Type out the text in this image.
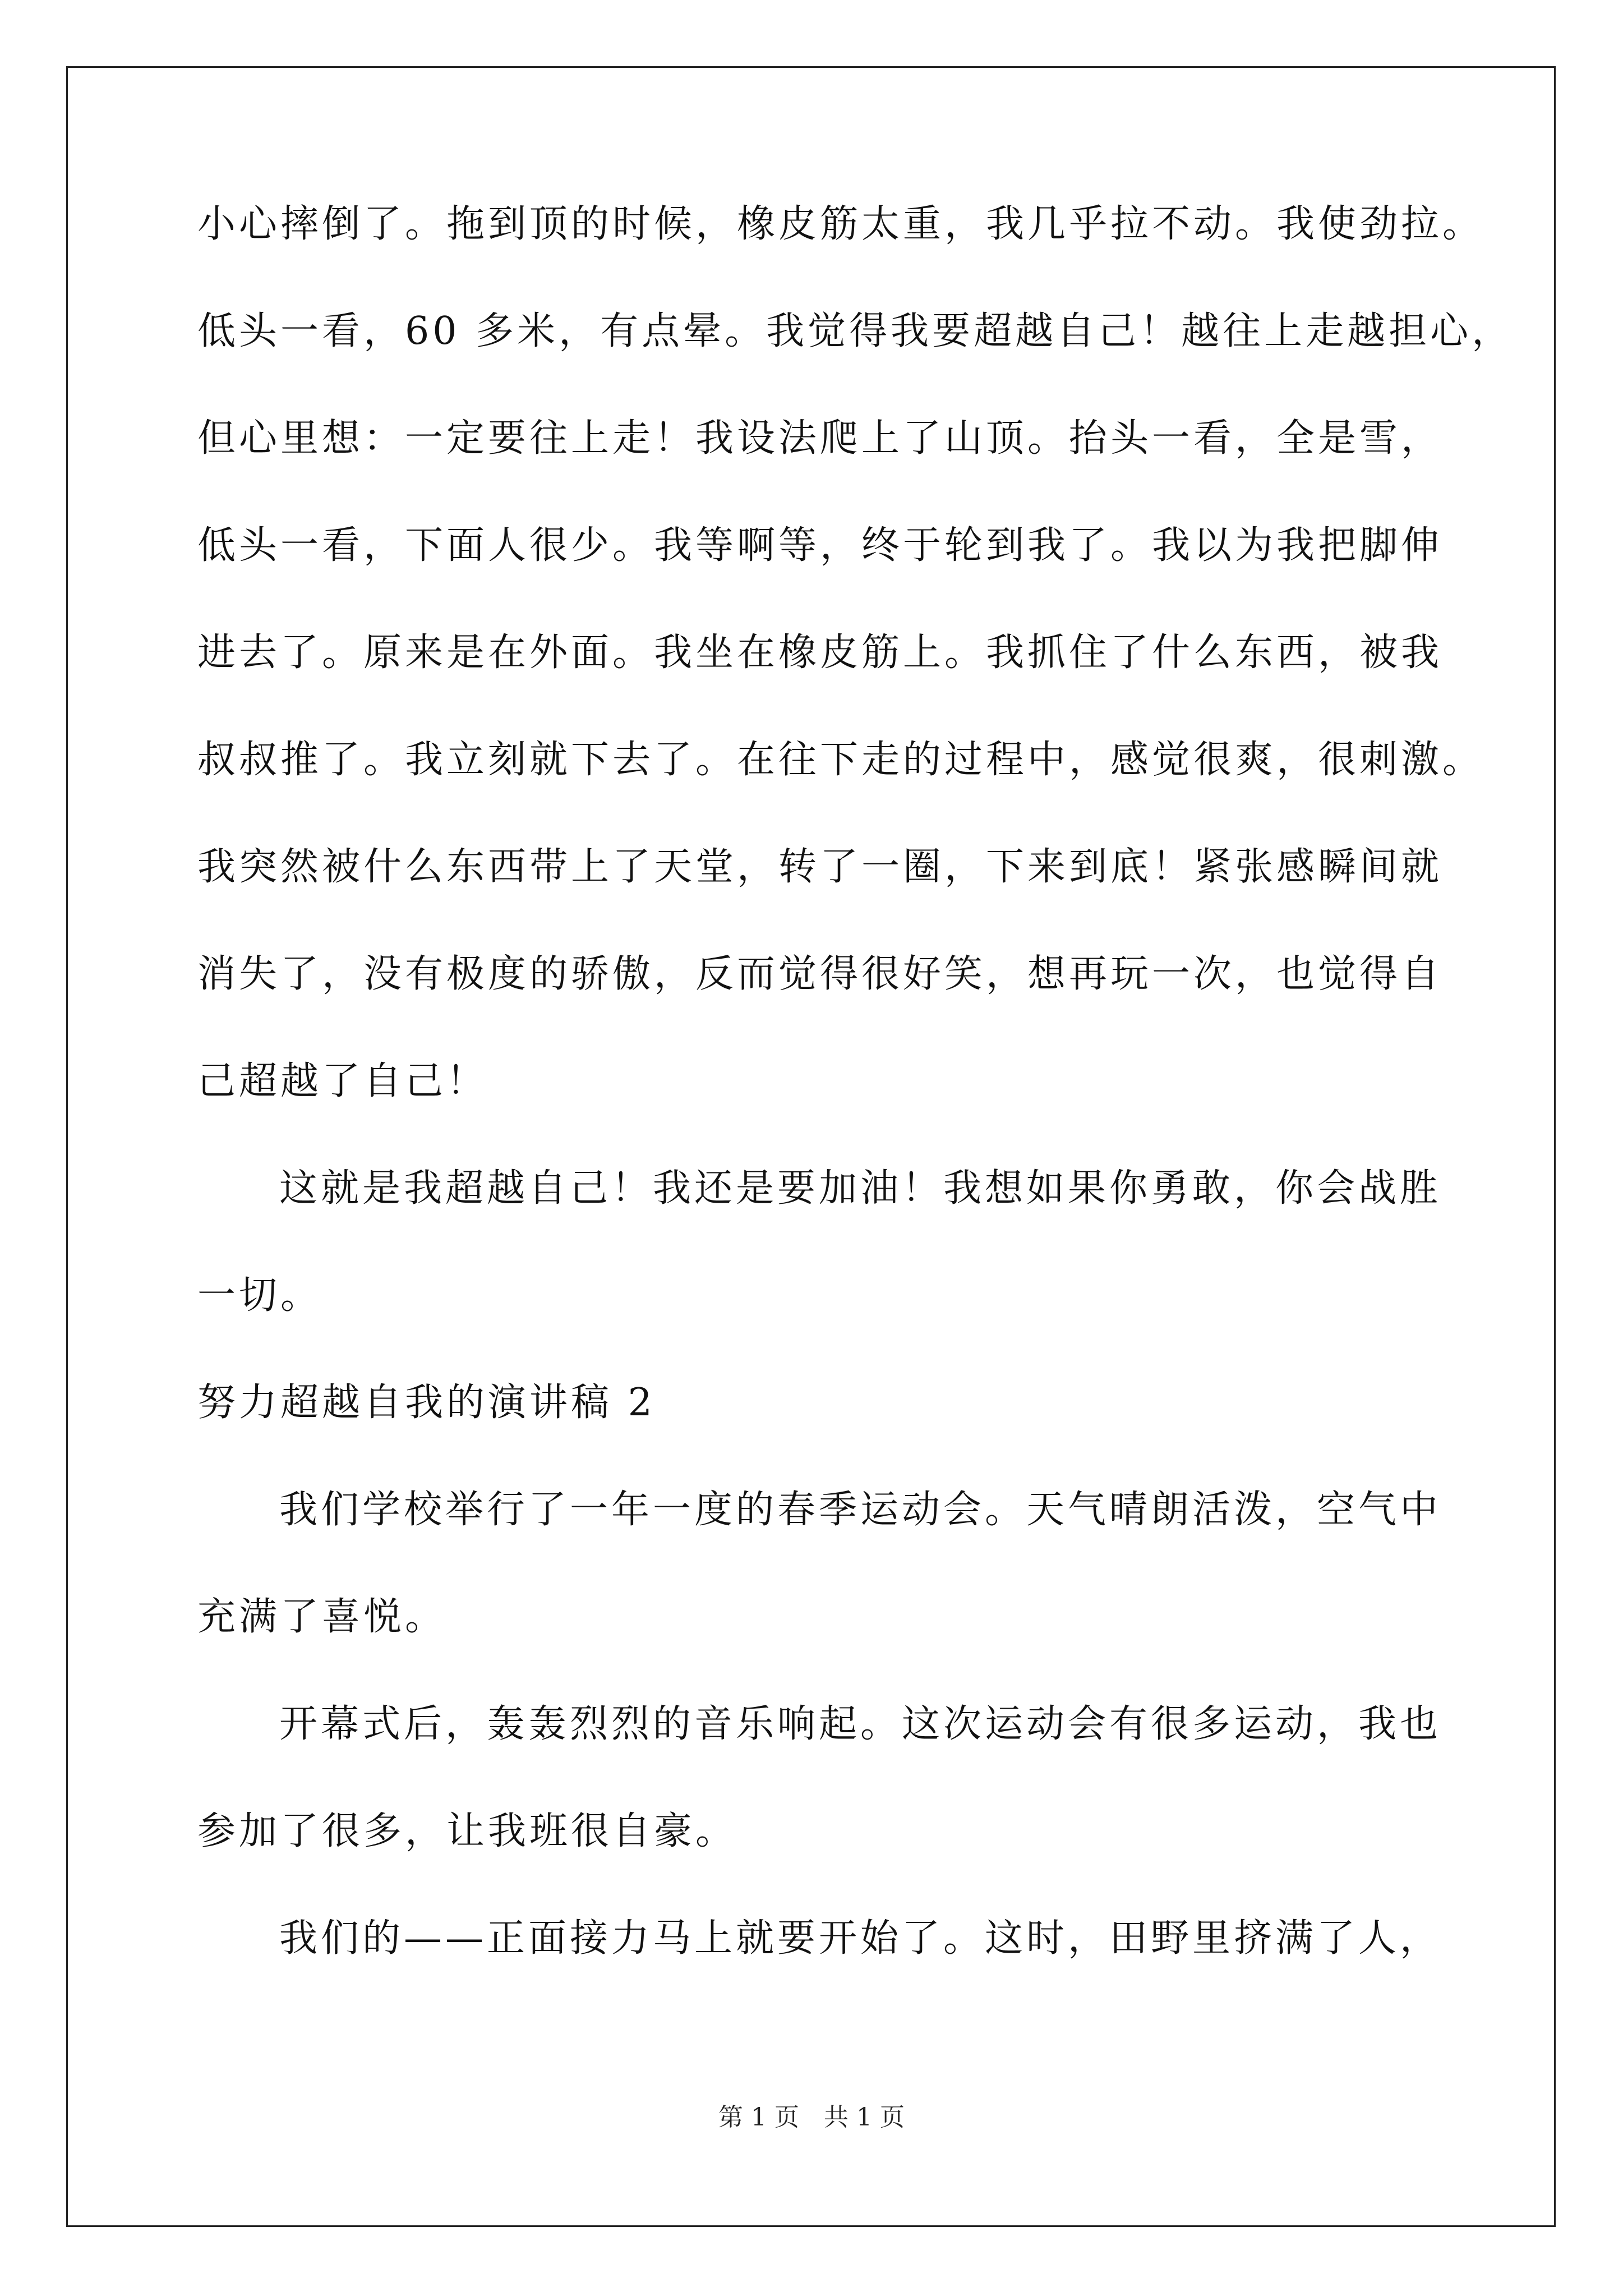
小心摔倒了。拖到顶的时候，橡皮筋太重，我几乎拉不动。我使劲拉。
低头一看，60 多米，有点晕。我觉得我要超越自己！越往上走越担心，
但心里想：一定要往上走！我设法爬上了山顶。抬头一看，全是雪，
低头一看，下面人很少。我等啊等，终于轮到我了。我以为我把脚伸
进去了。原来是在外面。我坐在橡皮筋上。我抓住了什么东西，被我
叔叔推了。我立刻就下去了。在往下走的过程中，感觉很爽，很刺激。
我突然被什么东西带上了天堂，转了一圈，下来到底！紧张感瞬间就
消失了，没有极度的骄傲，反而觉得很好笑，想再玩一次，也觉得自
己超越了自己！
这就是我超越自己！我还是要加油！我想如果你勇敢，你会战胜
一切。
努力超越自我的演讲稿 2
我们学校举行了一年一度的春季运动会。天气晴朗活泼，空气中
充满了喜悦。
开幕式后，轰轰烈烈的音乐响起。这次运动会有很多运动，我也
参加了很多，让我班很自豪。
我们的——正面接力马上就要开始了。这时，田野里挤满了人，
第 1 页　共 1 页
